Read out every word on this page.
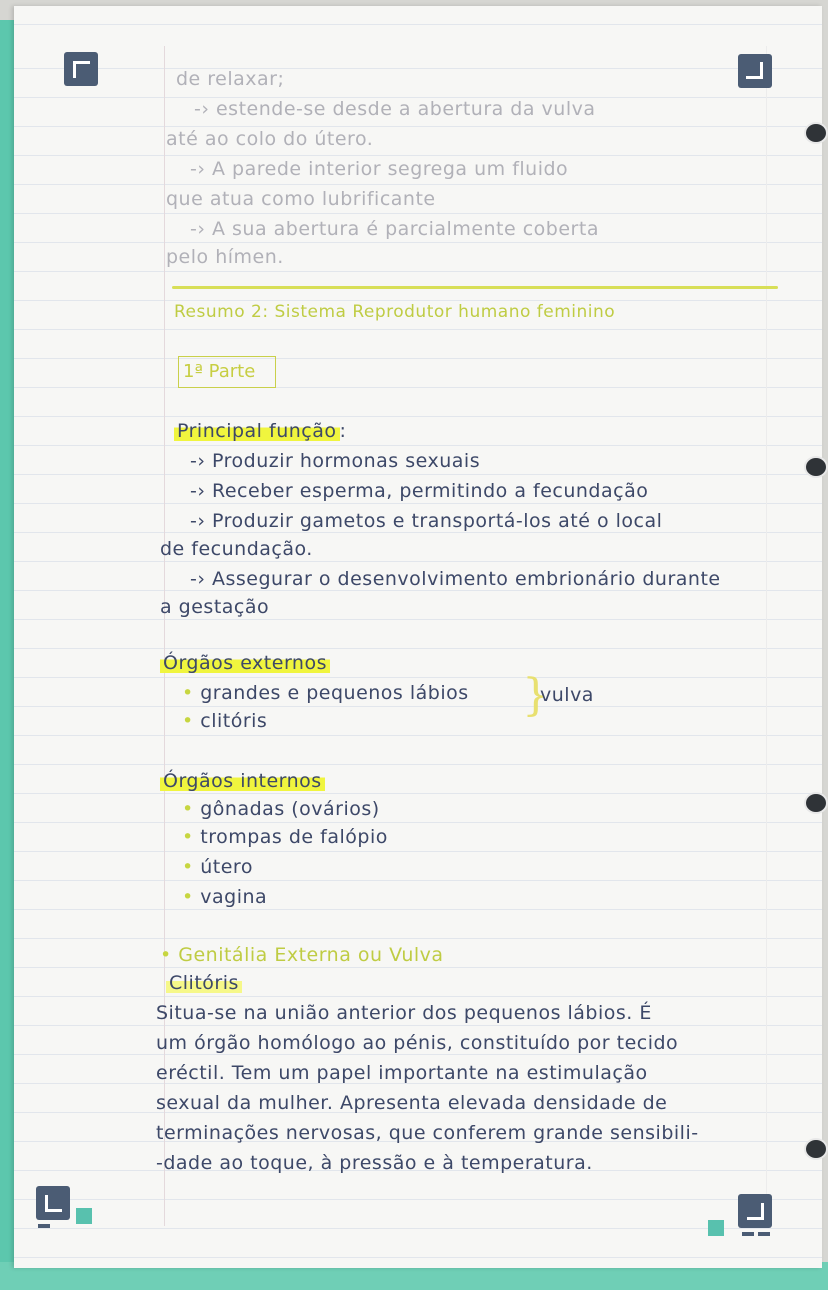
de relaxar;
-› estende-se desde a abertura da vulva
até ao colo do útero.
-› A parede interior segrega um fluido
que atua como lubrificante
-› A sua abertura é parcialmente coberta
pelo hímen.
Resumo 2: Sistema Reprodutor humano feminino
1ª Parte
Principal função :
-› Produzir hormonas sexuais
-› Receber esperma, permitindo a fecundação
-› Produzir gametos e transportá-los até o local
de fecundação.
-› Assegurar o desenvolvimento embrionário durante
a gestação
Órgãos externos
• grandes e pequenos lábios
• clitóris	}
vulva
Órgãos internos
• gônadas (ovários)
• trompas de falópio
• útero
• vagina
• Genitália Externa ou Vulva
Clitóris
Situa-se na união anterior dos pequenos lábios. É
um órgão homólogo ao pénis, constituído por tecido
eréctil. Tem um papel importante na estimulação
sexual da mulher. Apresenta elevada densidade de
terminações nervosas, que conferem grande sensibili-
-dade ao toque, à pressão e à temperatura.
